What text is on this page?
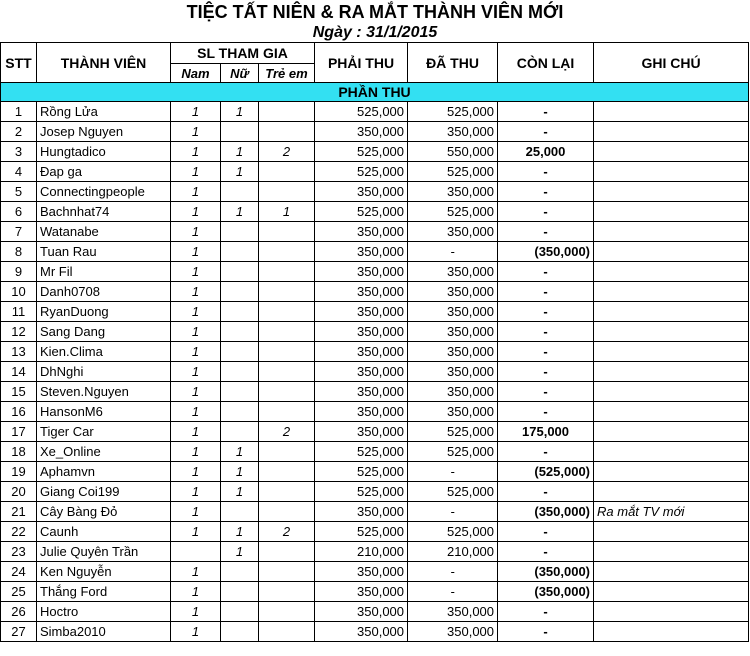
TIỆC TẤT NIÊN & RA MẮT THÀNH VIÊN MỚI
Ngày : 31/1/2015
STT	THÀNH VIÊN	SL THAM GIA			PHẢI THU	ĐÃ THU	CÒN LẠI	GHI CHÚ
		Nam	Nữ	Trẻ em				
PHẦN THU								
1	Rồng Lửa	1	1		525,000	525,000	-	
2	Josep Nguyen	1			350,000	350,000	-	
3	Hungtadico	1	1	2	525,000	550,000	25,000	
4	Đap ga	1	1		525,000	525,000	-	
5	Connectingpeople	1			350,000	350,000	-	
6	Bachnhat74	1	1	1	525,000	525,000	-	
7	Watanabe	1			350,000	350,000	-	
8	Tuan Rau	1			350,000	-	(350,000)	
9	Mr Fil	1			350,000	350,000	-	
10	Danh0708	1			350,000	350,000	-	
11	RyanDuong	1			350,000	350,000	-	
12	Sang Dang	1			350,000	350,000	-	
13	Kien.Clima	1			350,000	350,000	-	
14	DhNghi	1			350,000	350,000	-	
15	Steven.Nguyen	1			350,000	350,000	-	
16	HansonM6	1			350,000	350,000	-	
17	Tiger Car	1		2	350,000	525,000	175,000	
18	Xe_Online	1	1		525,000	525,000	-	
19	Aphamvn	1	1		525,000	-	(525,000)	
20	Giang Coi199	1	1		525,000	525,000	-	
21	Cây Bàng Đỏ	1			350,000	-	(350,000)	Ra mắt TV mới
22	Caunh	1	1	2	525,000	525,000	-	
23	Julie Quyên Trần		1		210,000	210,000	-	
24	Ken Nguyễn	1			350,000	-	(350,000)	
25	Thắng Ford	1			350,000	-	(350,000)	
26	Hoctro	1			350,000	350,000	-	
27	Simba2010	1			350,000	350,000	-	
